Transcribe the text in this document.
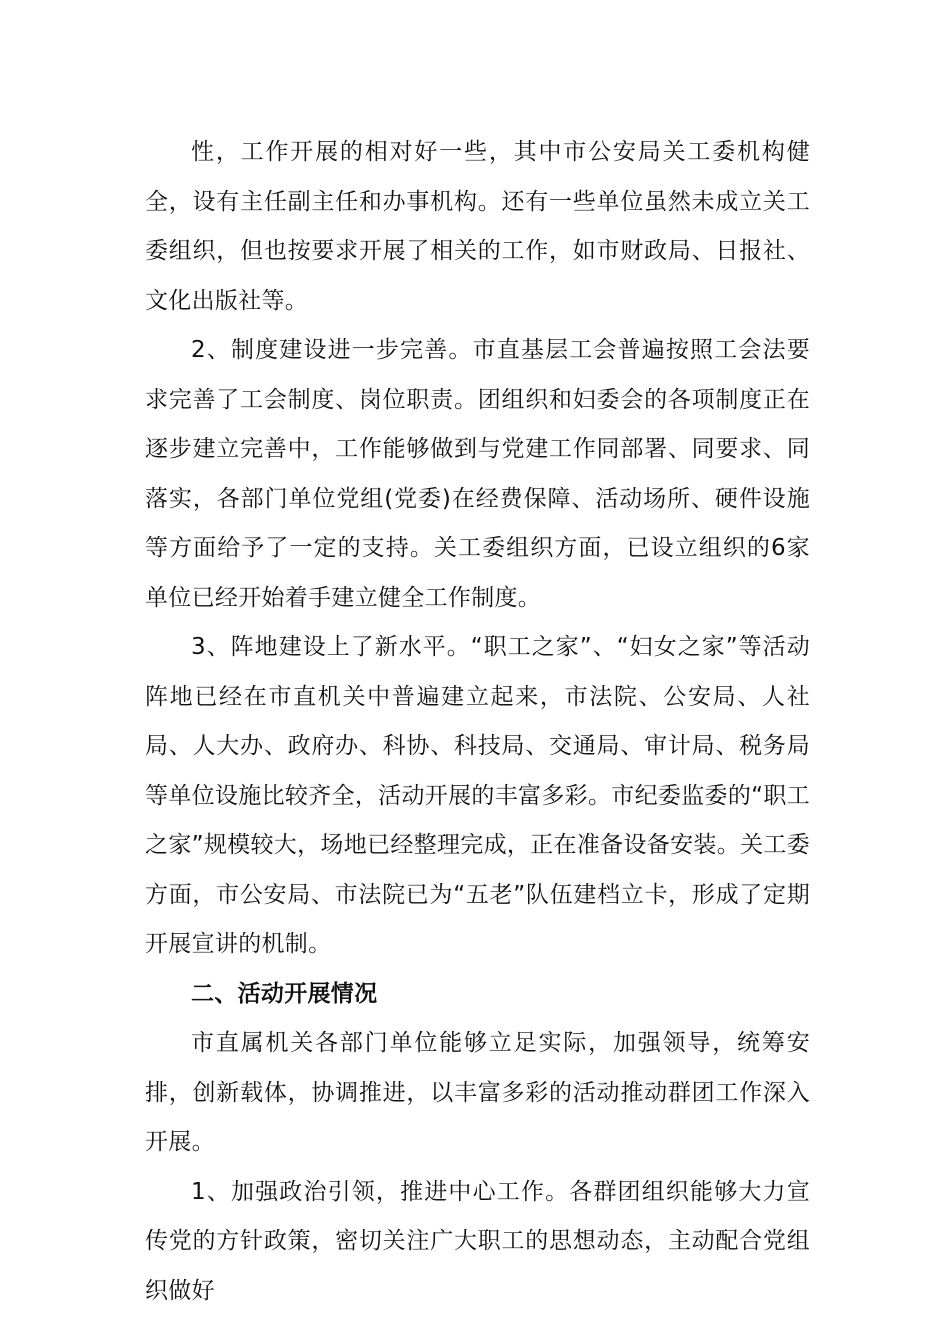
性，工作开展的相对好一些，其中市公安局关工委机构健全，设有主任副主任和办事机构。还有一些单位虽然未成立关工委组织，但也按要求开展了相关的工作，如市财政局、日报社、文化出版社等。

2、制度建设进一步完善。市直基层工会普遍按照工会法要求完善了工会制度、岗位职责。团组织和妇委会的各项制度正在逐步建立完善中，工作能够做到与党建工作同部署、同要求、同落实，各部门单位党组(党委)在经费保障、活动场所、硬件设施等方面给予了一定的支持。关工委组织方面，已设立组织的6家单位已经开始着手建立健全工作制度。

3、阵地建设上了新水平。“职工之家”、“妇女之家”等活动阵地已经在市直机关中普遍建立起来，市法院、公安局、人社局、人大办、政府办、科协、科技局、交通局、审计局、税务局等单位设施比较齐全，活动开展的丰富多彩。市纪委监委的“职工之家”规模较大，场地已经整理完成，正在准备设备安装。关工委方面，市公安局、市法院已为“五老”队伍建档立卡，形成了定期开展宣讲的机制。

二、活动开展情况

市直属机关各部门单位能够立足实际，加强领导，统筹安排，创新载体，协调推进，以丰富多彩的活动推动群团工作深入开展。

1、加强政治引领，推进中心工作。各群团组织能够大力宣传党的方针政策，密切关注广大职工的思想动态，主动配合党组织做好
